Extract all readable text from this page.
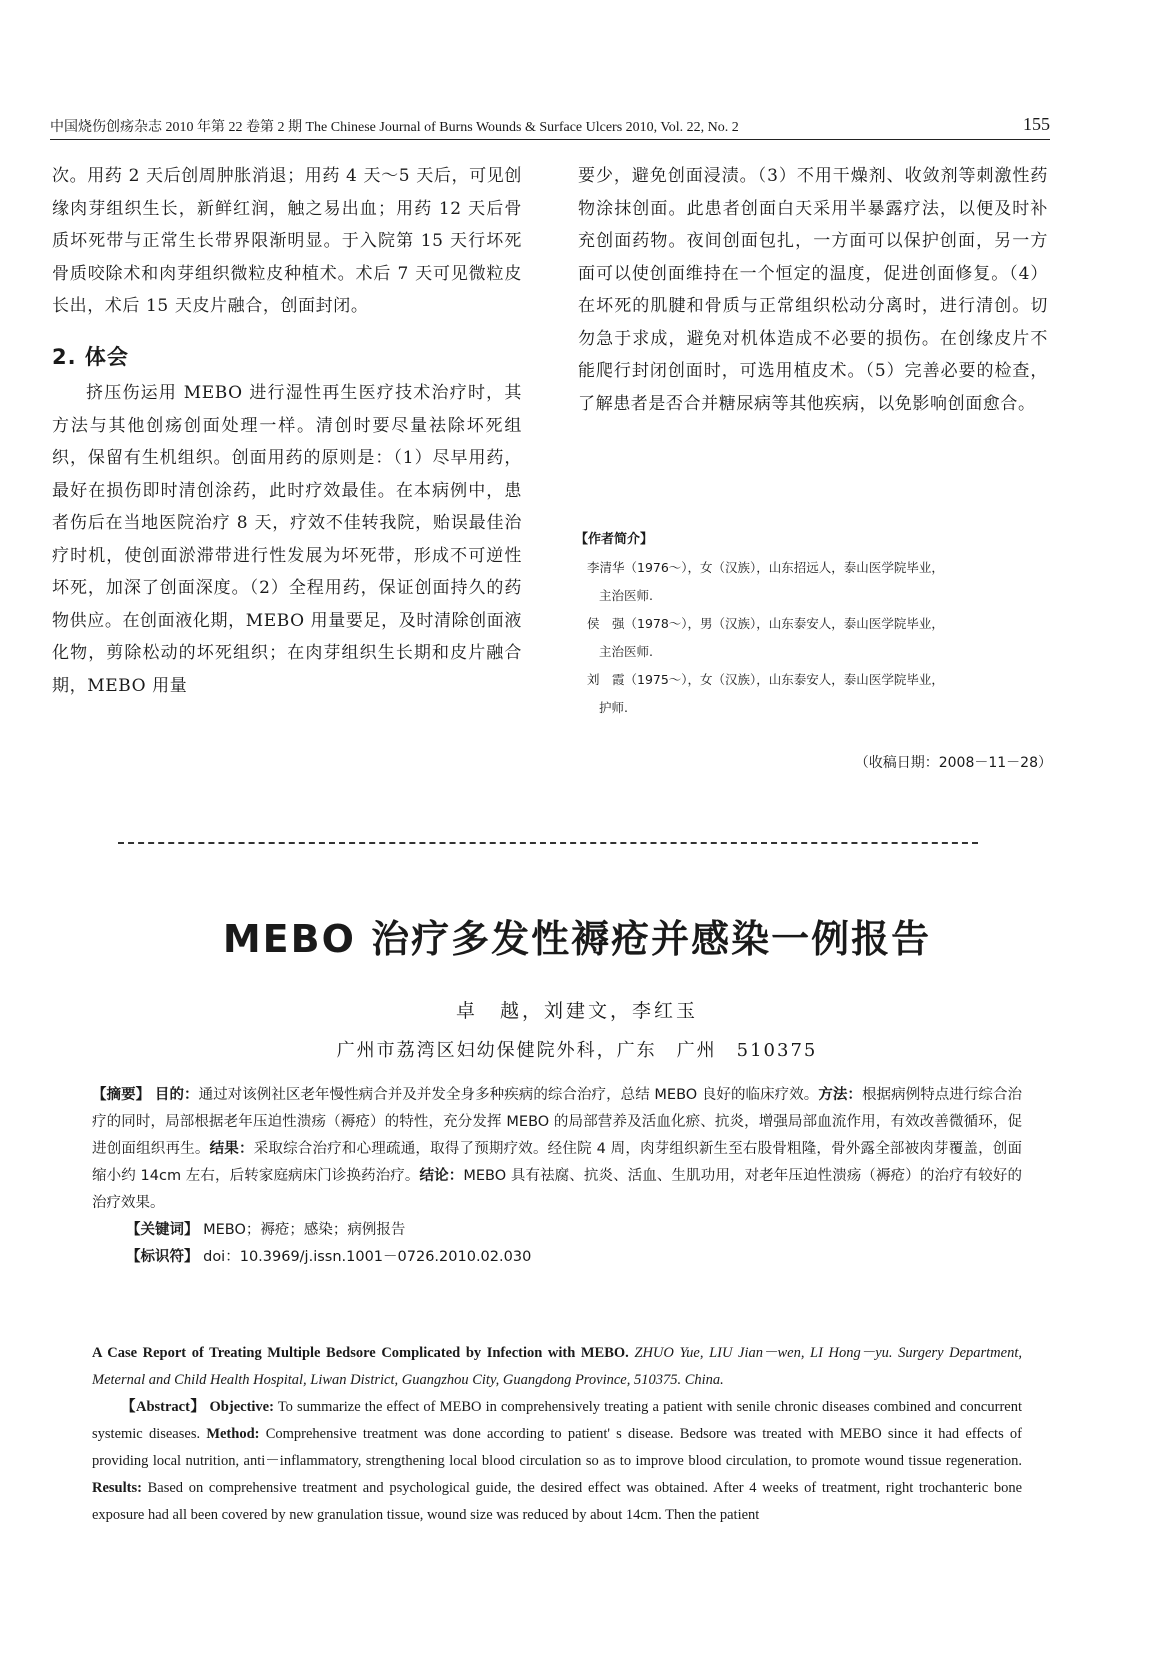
中国烧伤创疡杂志 2010 年第 22 卷第 2 期 The Chinese Journal of Burns Wounds & Surface Ulcers 2010, Vol. 22, No. 2	155

次。用药 2 天后创周肿胀消退；用药 4 天～5 天后，可见创缘肉芽组织生长，新鲜红润，触之易出血；用药 12 天后骨质坏死带与正常生长带界限渐明显。于入院第 15 天行坏死骨质咬除术和肉芽组织微粒皮种植术。术后 7 天可见微粒皮长出，术后 15 天皮片融合，创面封闭。

2. 体会

挤压伤运用 MEBO 进行湿性再生医疗技术治疗时，其方法与其他创疡创面处理一样。清创时要尽量祛除坏死组织，保留有生机组织。创面用药的原则是：（1）尽早用药，最好在损伤即时清创涂药，此时疗效最佳。在本病例中，患者伤后在当地医院治疗 8 天，疗效不佳转我院，贻误最佳治疗时机，使创面淤滞带进行性发展为坏死带，形成不可逆性坏死，加深了创面深度。（2）全程用药，保证创面持久的药物供应。在创面液化期，MEBO 用量要足，及时清除创面液化物，剪除松动的坏死组织；在肉芽组织生长期和皮片融合期，MEBO 用量

要少，避免创面浸渍。（3）不用干燥剂、收敛剂等刺激性药物涂抹创面。此患者创面白天采用半暴露疗法，以便及时补充创面药物。夜间创面包扎，一方面可以保护创面，另一方面可以使创面维持在一个恒定的温度，促进创面修复。（4）在坏死的肌腱和骨质与正常组织松动分离时，进行清创。切勿急于求成，避免对机体造成不必要的损伤。在创缘皮片不能爬行封闭创面时，可选用植皮术。（5）完善必要的检查，了解患者是否合并糖尿病等其他疾病，以免影响创面愈合。

【作者简介】
李清华（1976～），女（汉族），山东招远人，泰山医学院毕业，
主治医师.
侯　强（1978～），男（汉族），山东泰安人，泰山医学院毕业，
主治医师.
刘　霞（1975～），女（汉族），山东泰安人，泰山医学院毕业，
护师.
（收稿日期：2008－11－28）
MEBO 治疗多发性褥疮并感染一例报告
卓　越，刘建文，李红玉
广州市荔湾区妇幼保健院外科，广东　广州　510375

【摘要】 目的：通过对该例社区老年慢性病合并及并发全身多种疾病的综合治疗，总结 MEBO 良好的临床疗效。方法：根据病例特点进行综合治疗的同时，局部根据老年压迫性溃疡（褥疮）的特性，充分发挥 MEBO 的局部营养及活血化瘀、抗炎，增强局部血流作用，有效改善微循环，促进创面组织再生。结果：采取综合治疗和心理疏通，取得了预期疗效。经住院 4 周，肉芽组织新生至右股骨粗隆，骨外露全部被肉芽覆盖，创面缩小约 14cm 左右，后转家庭病床门诊换药治疗。结论：MEBO 具有祛腐、抗炎、活血、生肌功用，对老年压迫性溃疡（褥疮）的治疗有较好的治疗效果。

【关键词】 MEBO；褥疮；感染；病例报告

【标识符】 doi：10.3969/j.issn.1001－0726.2010.02.030

A Case Report of Treating Multiple Bedsore Complicated by Infection with MEBO. ZHUO Yue, LIU Jian－wen, LI Hong－yu. Surgery Department, Meternal and Child Health Hospital, Liwan District, Guangzhou City, Guangdong Province, 510375. China.

【Abstract】 Objective: To summarize the effect of MEBO in comprehensively treating a patient with senile chronic diseases combined and concurrent systemic diseases. Method: Comprehensive treatment was done according to patient' s disease. Bedsore was treated with MEBO since it had effects of providing local nutrition, anti－inflammatory, strengthening local blood circulation so as to improve blood circulation, to promote wound tissue regeneration. Results: Based on comprehensive treatment and psychological guide, the desired effect was obtained. After 4 weeks of treatment, right trochanteric bone exposure had all been covered by new granulation tissue, wound size was reduced by about 14cm. Then the patient
